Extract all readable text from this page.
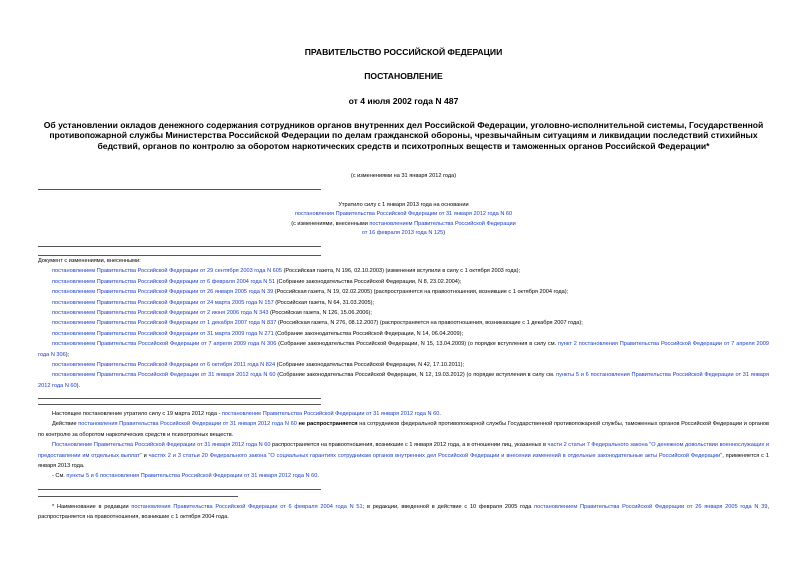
ПРАВИТЕЛЬСТВО РОССИЙСКОЙ ФЕДЕРАЦИИ
ПОСТАНОВЛЕНИЕ
от 4 июля 2002 года N 487
Об установлении окладов денежного содержания сотрудников органов внутренних дел Российской Федерации, уголовно-исполнительной системы, Государственной противопожарной службы Министерства Российской Федерации по делам гражданской обороны, чрезвычайным ситуациям и ликвидации последствий стихийных бедствий, органов по контролю за оборотом наркотических средств и психотропных веществ и таможенных органов Российской Федерации*
(с изменениями на 31 января 2012 года)
Утратило силу с 1 января 2013 года на основании
постановления Правительства Российской Федерации от 31 января 2012 года N 60
(с изменениями, внесенными постановлением Правительства Российской Федерации
от 16 февраля 2013 года N 125)

Документ с изменениями, внесенными:

постановлением Правительства Российской Федерации от 29 сентября 2003 года N 605 (Российская газета, N 196, 02.10.2003) (изменения вступили в силу с 1 октября 2003 года);

постановлением Правительства Российской Федерации от 6 февраля 2004 года N 51 (Собрание законодательства Российской Федерации, N 8, 23.02.2004);

постановлением Правительства Российской Федерации от 26 января 2005 года N 39 (Российская газета, N 19, 02.02.2005) (распространяется на правоотношения, возникшие с 1 октября 2004 года);

постановлением Правительства Российской Федерации от 24 марта 2005 года N 157 (Российская газета, N 64, 31.03.2005);

постановлением Правительства Российской Федерации от 2 июня 2006 года N 343 (Российская газета, N 126, 15.06.2006);

постановлением Правительства Российской Федерации от 1 декабря 2007 года N 837 (Российская газета, N 276, 08.12.2007) (распространяется на правоотношения, возникающие с 1 декабря 2007 года);

постановлением Правительства Российской Федерации от 31 марта 2009 года N 271 (Собрание законодательства Российской Федерации, N 14, 06.04.2009);

постановлением Правительства Российской Федерации от 7 апреля 2009 года N 306 (Собрание законодательства Российской Федерации, N 15, 13.04.2009) (о порядке вступления в силу см. пункт 2 постановления Правительства Российской Федерации от 7 апреля 2009 года N 306);

постановлением Правительства Российской Федерации от 6 октября 2011 года N 824 (Собрание законодательства Российской Федерации, N 42, 17.10.2011);

постановлением Правительства Российской Федерации от 31 января 2012 года N 60 (Собрание законодательства Российской Федерации, N 12, 19.03.2012) (о порядке вступления в силу см. пункты 5 и 6 постановления Правительства Российской Федерации от 31 января 2012 года N 60).

Настоящее постановление утратило силу с 19 марта 2012 года - постановление Правительства Российской Федерации от 31 января 2012 года N 60.

Действие постановления Правительства Российской Федерации от 31 января 2012 года N 60 не распространяется на сотрудников федеральной противопожарной службы Государственной противопожарной службы, таможенных органов Российской Федерации и органов по контролю за оборотом наркотических средств и психотропных веществ.

Постановление Правительства Российской Федерации от 31 января 2012 года N 60 распространяется на правоотношения, возникшие с 1 января 2012 года, а в отношении лиц, указанных в части 2 статьи 7 Федерального закона "О денежном довольствии военнослужащих и предоставлении им отдельных выплат" и частях 2 и 3 статьи 20 Федерального закона "О социальных гарантиях сотрудникам органов внутренних дел Российской Федерации и внесении изменений в отдельные законодательные акты Российской Федерации", применяется с 1 января 2013 года.

- См. пункты 5 и 6 постановления Правительства Российской Федерации от 31 января 2012 года N 60.

* Наименование в редакции постановления Правительства Российской Федерации от 6 февраля 2004 года N 51; в редакции, введенной в действие с 10 февраля 2005 года постановлением Правительства Российской Федерации от 26 января 2005 года N 39, распространяется на правоотношения, возникшие с 1 октября 2004 года.
